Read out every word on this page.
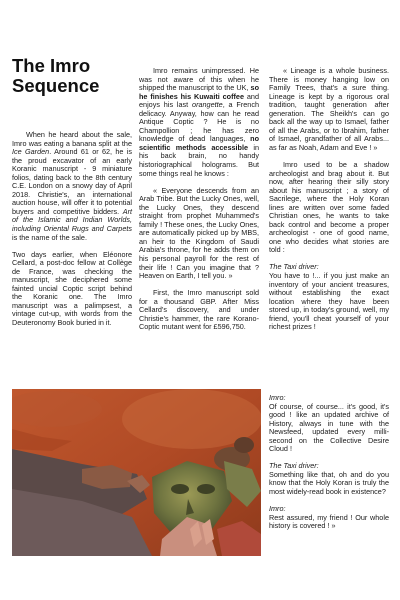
The Imro Sequence

When he heard about the sale, Imro was eating a banana split at the Ice Garden. Around 61 or 62, he is the proud excavator of an early Koranic manuscript - 9 miniature folios, dating back to the 8th century C.E. London on a snowy day of April 2018. Christie's, an international auction house, will offer it to potential buyers and competitive bidders. Art of the Islamic and Indian Worlds, including Oriental Rugs and Carpets is the name of the sale.

Two days earlier, when Eléonore Cellard, a post-doc fellow at Collège de France, was checking the manuscript, she deciphered some fainted uncial Coptic script behind the Koranic one. The Imro manuscript was a palimpsest, a vintage cut-up, with words from the Deuteronomy Book buried in it.

Imro remains unimpressed. He was not aware of this when he shipped the manuscript to the UK, so he finishes his Kuwaiti coffee and enjoys his last orangette, a French delicacy. Anyway, how can he read Antique Coptic ? He is no Champollion ; he has zero knowledge of dead languages, no scientific methods accessible in his back brain, no handy historiographical holograms. But some things real he knows :

« Everyone descends from an Arab Tribe. But the Lucky Ones, well, the Lucky Ones, they descend straight from prophet Muhammed's family ! These ones, the Lucky Ones, are automatically picked up by MBS, an heir to the Kingdom of Saudi Arabia's throne, for he adds them on his personal payroll for the rest of their life ! Can you imagine that ? Heaven on Earth, I tell you. »

First, the Imro manuscript sold for a thousand GBP. After Miss Cellard's discovery, and under Christie's hammer, the rare Korano-Coptic mutant went for £596,750.

« Lineage is a whole business. There is money hanging low on Family Trees, that's a sure thing. Lineage is kept by a rigorous oral tradition, taught generation after generation. The Sheikh's can go back all the way up to Ismael, father of all the Arabs, or to Ibrahim, father of Ismael, grandfather of all Arabs... as far as Noah, Adam and Eve ! »

Imro used to be a shadow archeologist and brag about it. But now, after hearing their silly story about his manuscript ; a story of Sacrilege, where the Holy Koran lines are written over some faded Christian ones, he wants to take back control and become a proper archeologist - one of good name, one who decides what stories are told :

The Taxi driver:
You have to !... if you just make an inventory of your ancient treasures, without establishing the exact location where they have been stored up, in today's ground, well, my friend, you'll cheat yourself of your richest prizes !

Imro:
Of course, of course... it's good, it's good ! like an updated archive of History, always in tune with the Newsfeed, updated every milli-second on the Collective Desire Cloud !

The Taxi driver:
Something like that, oh and do you know that the Holy Koran is truly the most widely-read book in existence?

Imro:
Rest assured, my friend ! Our whole history is covered ! »
